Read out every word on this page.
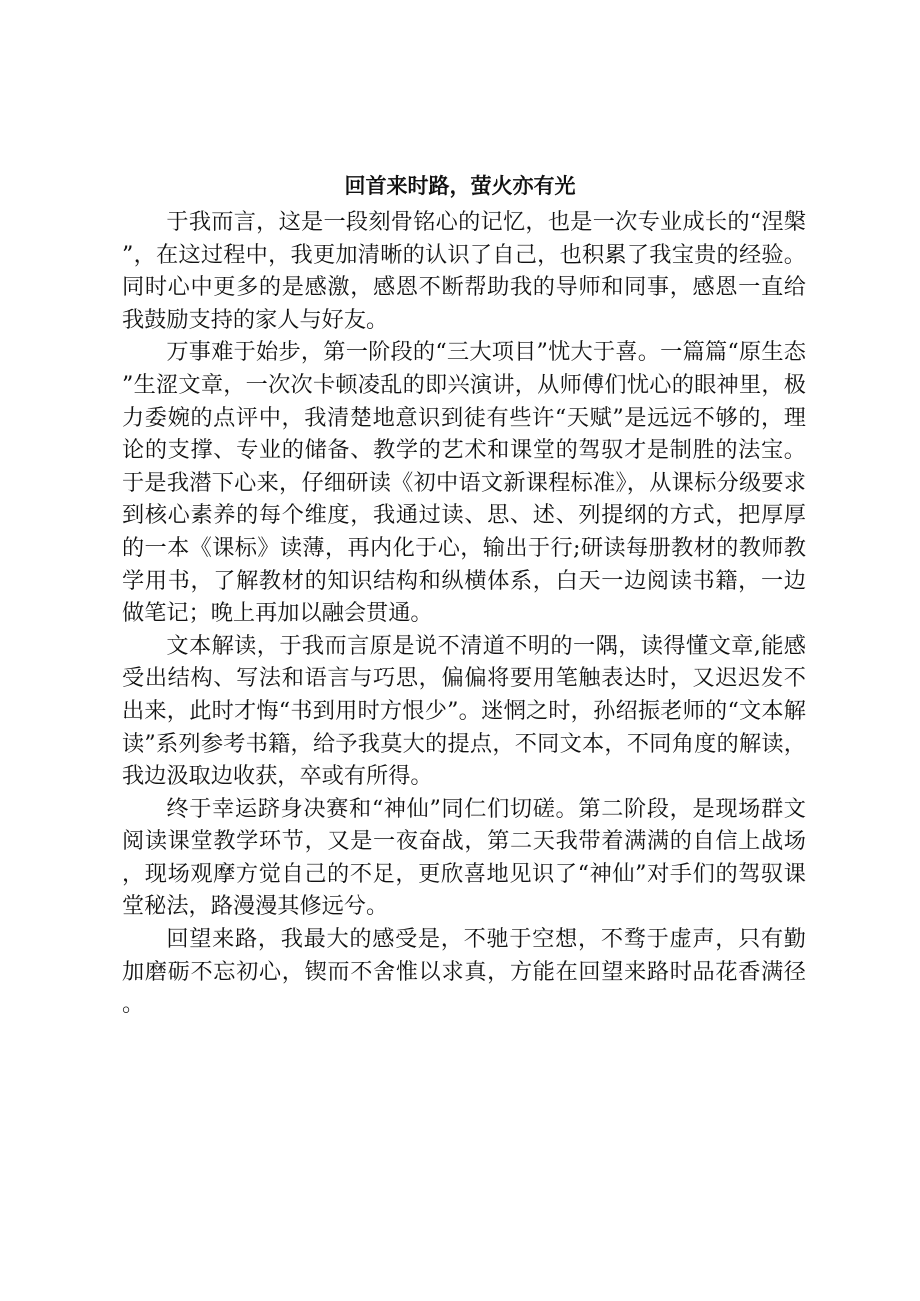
回首来时路，萤火亦有光

于我而言，这是一段刻骨铭心的记忆，也是一次专业成长的“涅槃”，在这过程中，我更加清晰的认识了自己，也积累了我宝贵的经验。同时心中更多的是感激，感恩不断帮助我的导师和同事，感恩一直给我鼓励支持的家人与好友。

万事难于始步，第一阶段的“三大项目”忧大于喜。一篇篇“原生态”生涩文章，一次次卡顿凌乱的即兴演讲，从师傅们忧心的眼神里，极力委婉的点评中，我清楚地意识到徒有些许“天赋”是远远不够的，理论的支撑、专业的储备、教学的艺术和课堂的驾驭才是制胜的法宝。于是我潜下心来，仔细研读《初中语文新课程标准》，从课标分级要求到核心素养的每个维度，我通过读、思、述、列提纲的方式，把厚厚的一本《课标》读薄，再内化于心，输出于行;研读每册教材的教师教学用书，了解教材的知识结构和纵横体系，白天一边阅读书籍，一边做笔记；晚上再加以融会贯通。

文本解读，于我而言原是说不清道不明的一隅，读得懂文章,能感受出结构、写法和语言与巧思，偏偏将要用笔触表达时，又迟迟发不出来，此时才悔“书到用时方恨少”。迷惘之时，孙绍振老师的“文本解读”系列参考书籍，给予我莫大的提点，不同文本，不同角度的解读，我边汲取边收获，卒或有所得。

终于幸运跻身决赛和“神仙”同仁们切磋。第二阶段，是现场群文阅读课堂教学环节，又是一夜奋战，第二天我带着满满的自信上战场，现场观摩方觉自己的不足，更欣喜地见识了“神仙”对手们的驾驭课堂秘法，路漫漫其修远兮。

回望来路，我最大的感受是，不驰于空想，不骛于虚声，只有勤加磨砺不忘初心，锲而不舍惟以求真，方能在回望来路时品花香满径。
